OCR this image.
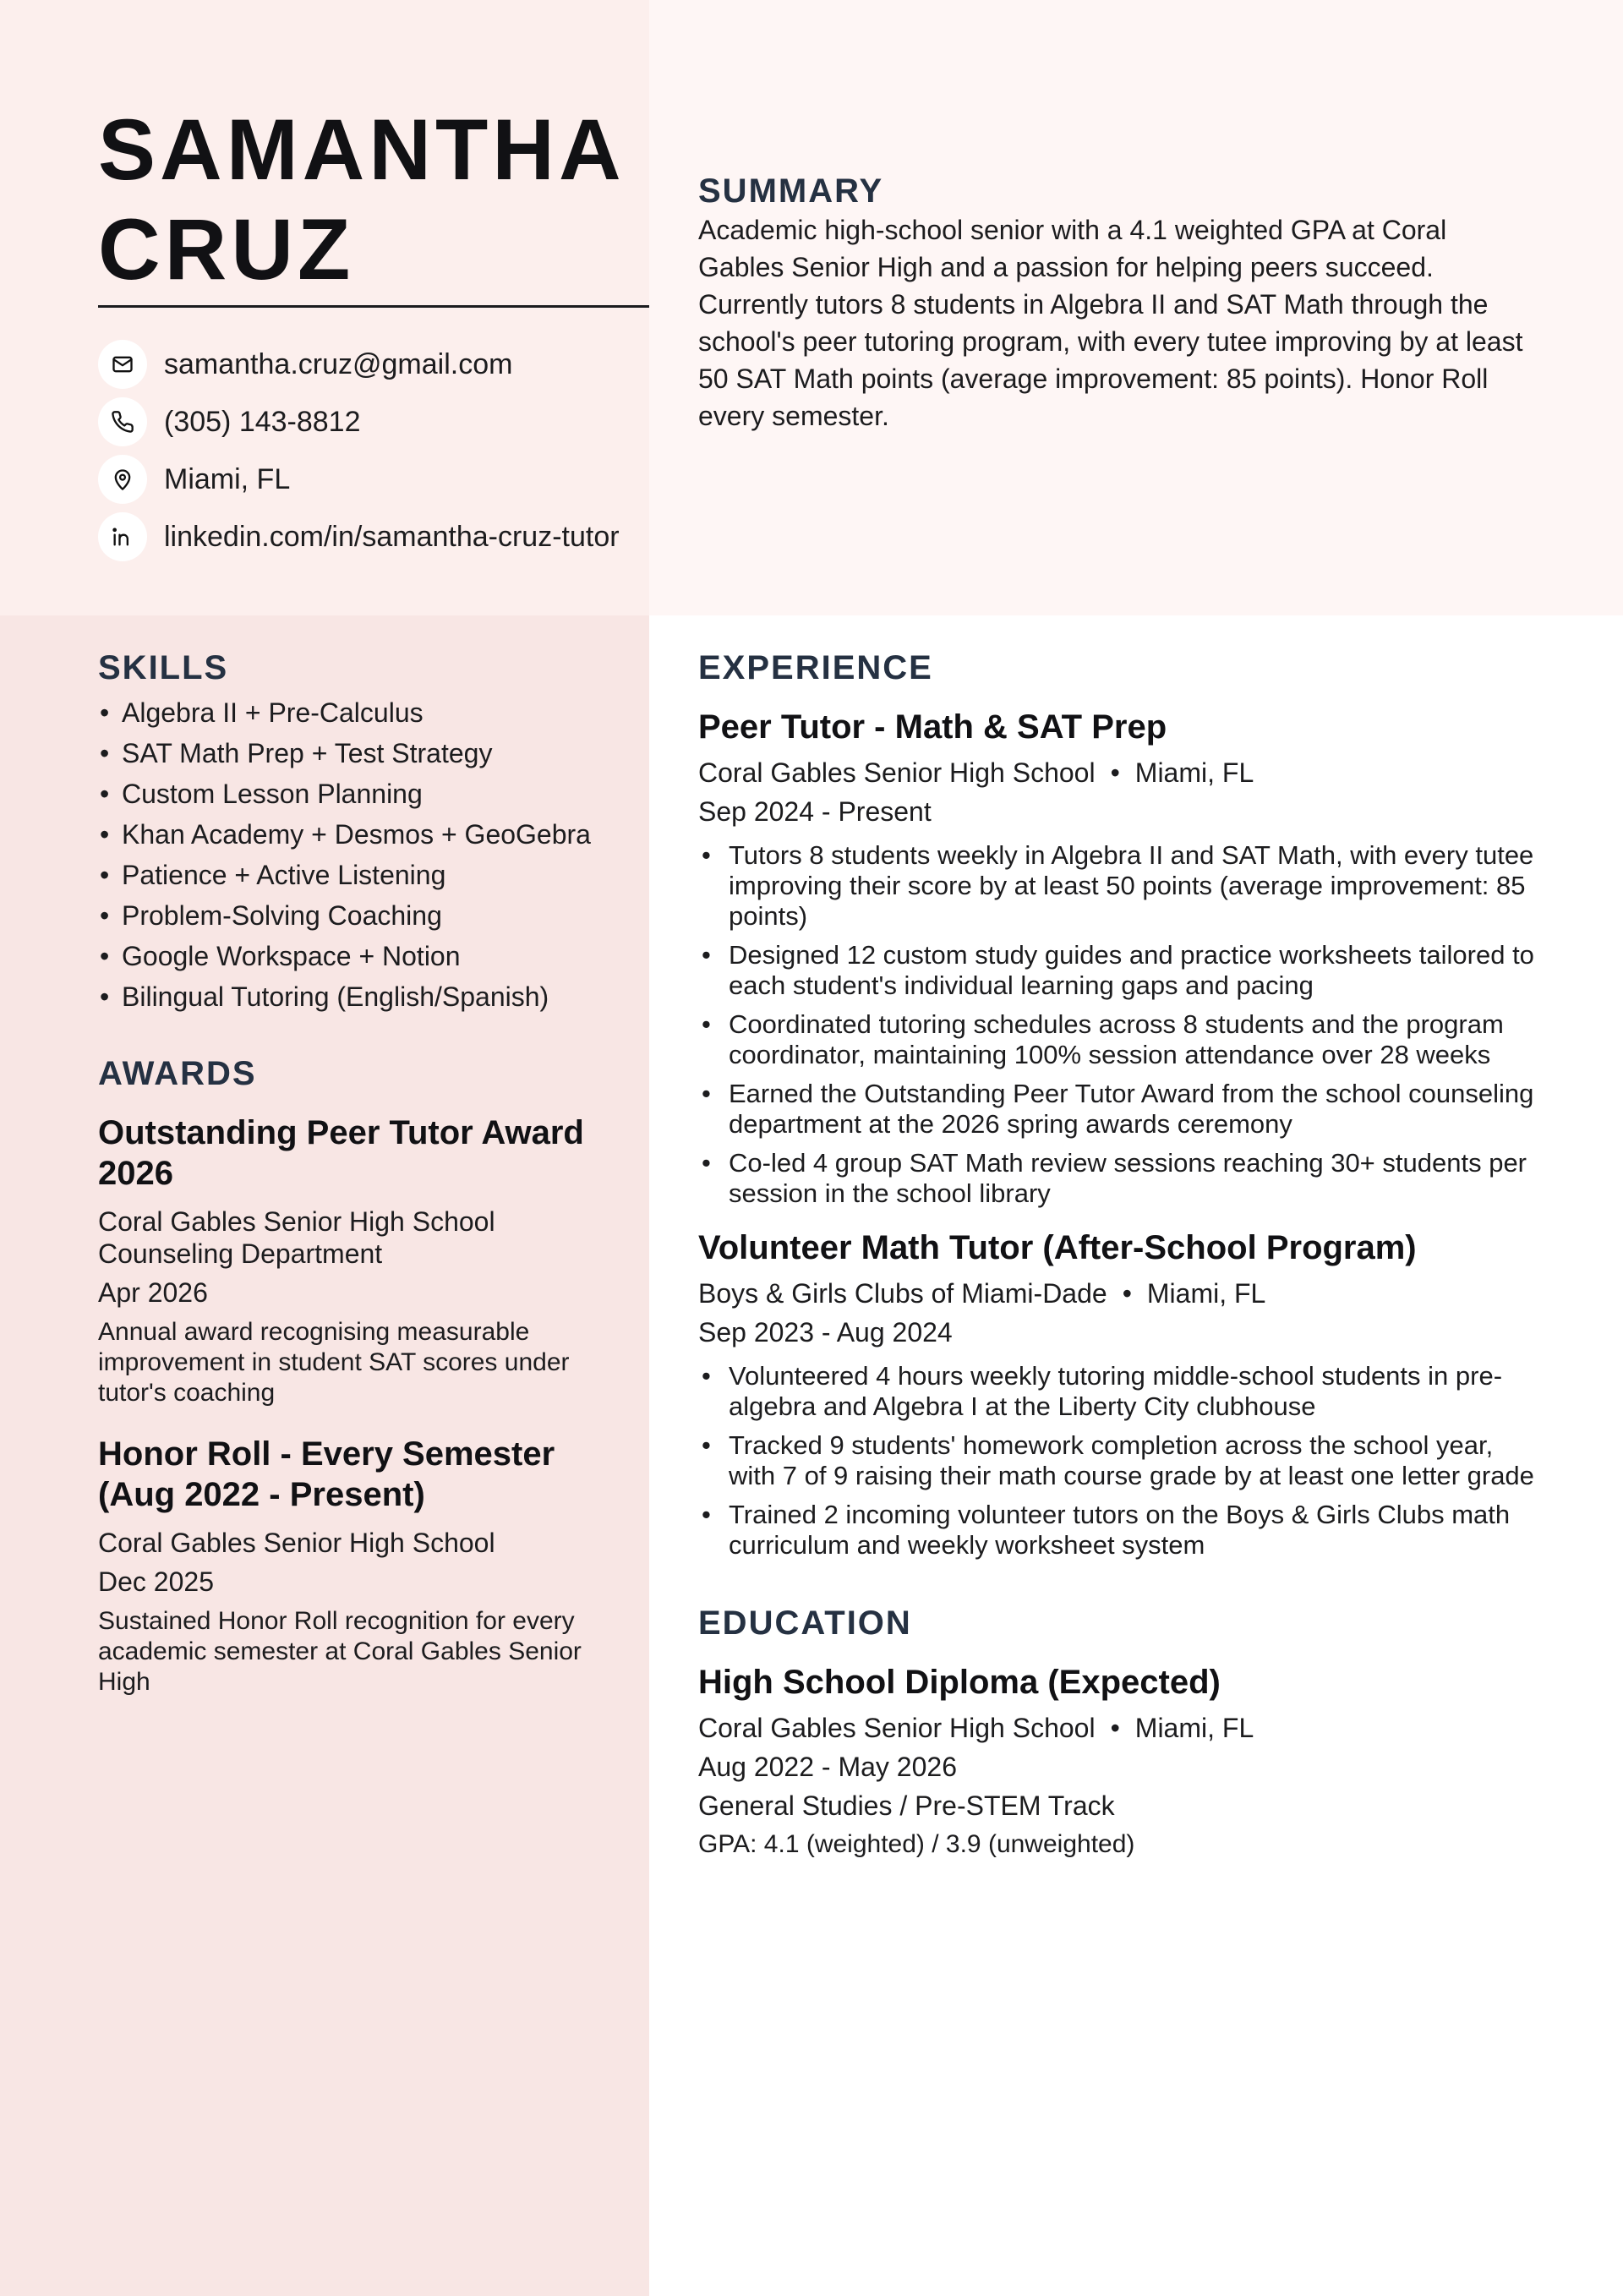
SAMANTHA
CRUZ
samantha.cruz@gmail.com
(305) 143-8812
Miami, FL
linkedin.com/in/samantha-cruz-tutor
SUMMARY

Academic high-school senior with a 4.1 weighted GPA at Coral Gables Senior High and a passion for helping peers succeed. Currently tutors 8 students in Algebra II and SAT Math through the school's peer tutoring program, with every tutee improving by at least 50 SAT Math points (average improvement: 85 points). Honor Roll every semester.

SKILLS
• Algebra II + Pre-Calculus
• SAT Math Prep + Test Strategy
• Custom Lesson Planning
• Khan Academy + Desmos + GeoGebra
• Patience + Active Listening
• Problem-Solving Coaching
• Google Workspace + Notion
• Bilingual Tutoring (English/Spanish)
AWARDS
Outstanding Peer Tutor Award 2026
Coral Gables Senior High School Counseling Department
Apr 2026
Annual award recognising measurable improvement in student SAT scores under tutor's coaching
Honor Roll - Every Semester (Aug 2022 - Present)
Coral Gables Senior High School
Dec 2025
Sustained Honor Roll recognition for every academic semester at Coral Gables Senior High
EXPERIENCE
Peer Tutor - Math & SAT Prep
Coral Gables Senior High School • Miami, FL
Sep 2024 - Present
• Tutors 8 students weekly in Algebra II and SAT Math, with every tutee improving their score by at least 50 points (average improvement: 85 points)
• Designed 12 custom study guides and practice worksheets tailored to each student's individual learning gaps and pacing
• Coordinated tutoring schedules across 8 students and the program coordinator, maintaining 100% session attendance over 28 weeks
• Earned the Outstanding Peer Tutor Award from the school counseling department at the 2026 spring awards ceremony
• Co-led 4 group SAT Math review sessions reaching 30+ students per session in the school library
Volunteer Math Tutor (After-School Program)
Boys & Girls Clubs of Miami-Dade • Miami, FL
Sep 2023 - Aug 2024
• Volunteered 4 hours weekly tutoring middle-school students in pre-algebra and Algebra I at the Liberty City clubhouse
• Tracked 9 students' homework completion across the school year, with 7 of 9 raising their math course grade by at least one letter grade
• Trained 2 incoming volunteer tutors on the Boys & Girls Clubs math curriculum and weekly worksheet system
EDUCATION
High School Diploma (Expected)
Coral Gables Senior High School • Miami, FL
Aug 2022 - May 2026
General Studies / Pre-STEM Track
GPA: 4.1 (weighted) / 3.9 (unweighted)
